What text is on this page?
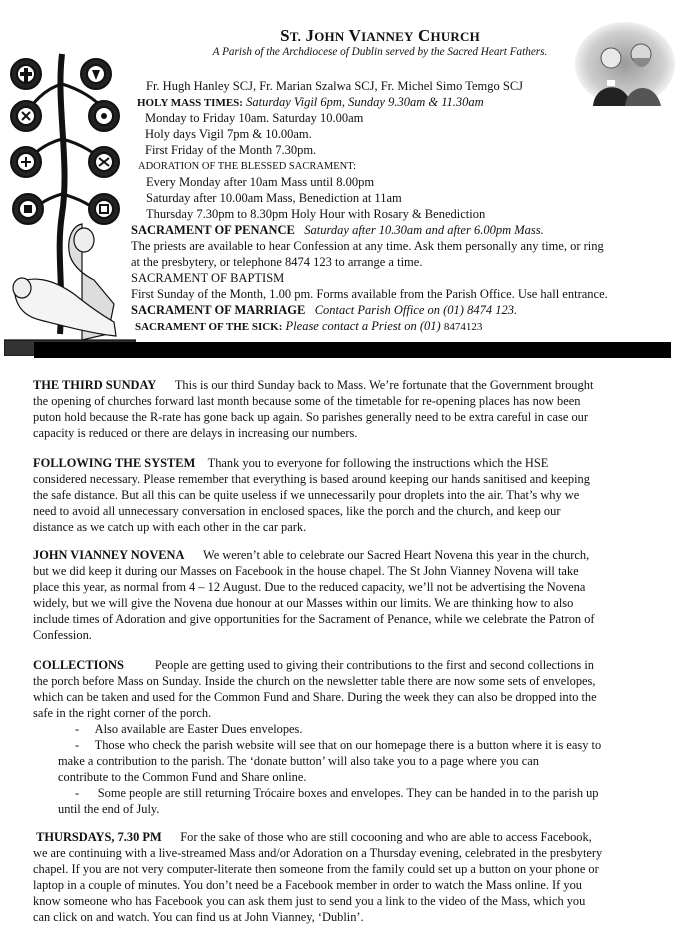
ST. JOHN VIANNEY CHURCH
A Parish of the Archdiocese of Dublin served by the Sacred Heart Fathers.
Fr. Hugh Hanley SCJ, Fr. Marian Szalwa SCJ, Fr. Michel Simo Temgo SCJ
HOLY MASS TIMES: Saturday Vigil 6pm, Sunday 9.30am & 11.30am
Monday to Friday 10am. Saturday 10.00am
Holy days Vigil 7pm & 10.00am.
First Friday of the Month 7.30pm.
ADORATION OF THE BLESSED SACRAMENT:
Every Monday after 10am Mass until 8.00pm
Saturday after 10.00am Mass, Benediction at 11am
Thursday 7.30pm to 8.30pm Holy Hour with Rosary & Benediction
SACRAMENT OF PENANCE Saturday after 10.30am and after 6.00pm Mass.
The priests are available to hear Confession at any time. Ask them personally any time, or ring
at the presbytery, or telephone 8474 123 to arrange a time.
SACRAMENT OF BAPTISM
First Sunday of the Month, 1.00 pm. Forms available from the Parish Office. Use hall entrance.
SACRAMENT OF MARRIAGE Contact Parish Office on (01) 8474 123.
SACRAMENT OF THE SICK: Please contact a Priest on (01) 8474123
THE THIRD SUNDAY This is our third Sunday back to Mass. We’re fortunate that the Government brought
the opening of churches forward last month because some of the timetable for re-opening places has now been
puton hold because the R-rate has gone back up again. So parishes generally need to be extra careful in case our
capacity is reduced or there are delays in increasing our numbers.
FOLLOWING THE SYSTEM Thank you to everyone for following the instructions which the HSE
considered necessary. Please remember that everything is based around keeping our hands sanitised and keeping
the safe distance. But all this can be quite useless if we unnecessarily pour droplets into the air. That’s why we
need to avoid all unnecessary conversation in enclosed spaces, like the porch and the church, and keep our
distance as we catch up with each other in the car park.
JOHN VIANNEY NOVENA We weren’t able to celebrate our Sacred Heart Novena this year in the church,
but we did keep it during our Masses on Facebook in the house chapel. The St John Vianney Novena will take
place this year, as normal from 4 – 12 August. Due to the reduced capacity, we’ll not be advertising the Novena
widely, but we will give the Novena due honour at our Masses within our limits. We are thinking how to also
include times of Adoration and give opportunities for the Sacrament of Penance, while we celebrate the Patron of
Confession.
COLLECTIONS People are getting used to giving their contributions to the first and second collections in
the porch before Mass on Sunday. Inside the church on the newsletter table there are now some sets of envelopes,
which can be taken and used for the Common Fund and Share. During the week they can also be dropped into the
safe in the right corner of the porch.
- Also available are Easter Dues envelopes.
- Those who check the parish website will see that on our homepage there is a button where it is easy to
make a contribution to the parish. The ‘donate button’ will also take you to a page where you can
contribute to the Common Fund and Share online.
- Some people are still returning Trócaire boxes and envelopes. They can be handed in to the parish up
until the end of July.
THURSDAYS, 7.30 PM For the sake of those who are still cocooning and who are able to access Facebook,
we are continuing with a live-streamed Mass and/or Adoration on a Thursday evening, celebrated in the presbytery
chapel. If you are not very computer-literate then someone from the family could set up a button on your phone or
laptop in a couple of minutes. You don’t need be a Facebook member in order to watch the Mass online. If you
know someone who has Facebook you can ask them just to send you a link to the video of the Mass, which you
can click on and watch. You can find us at John Vianney, ‘Dublin’.
